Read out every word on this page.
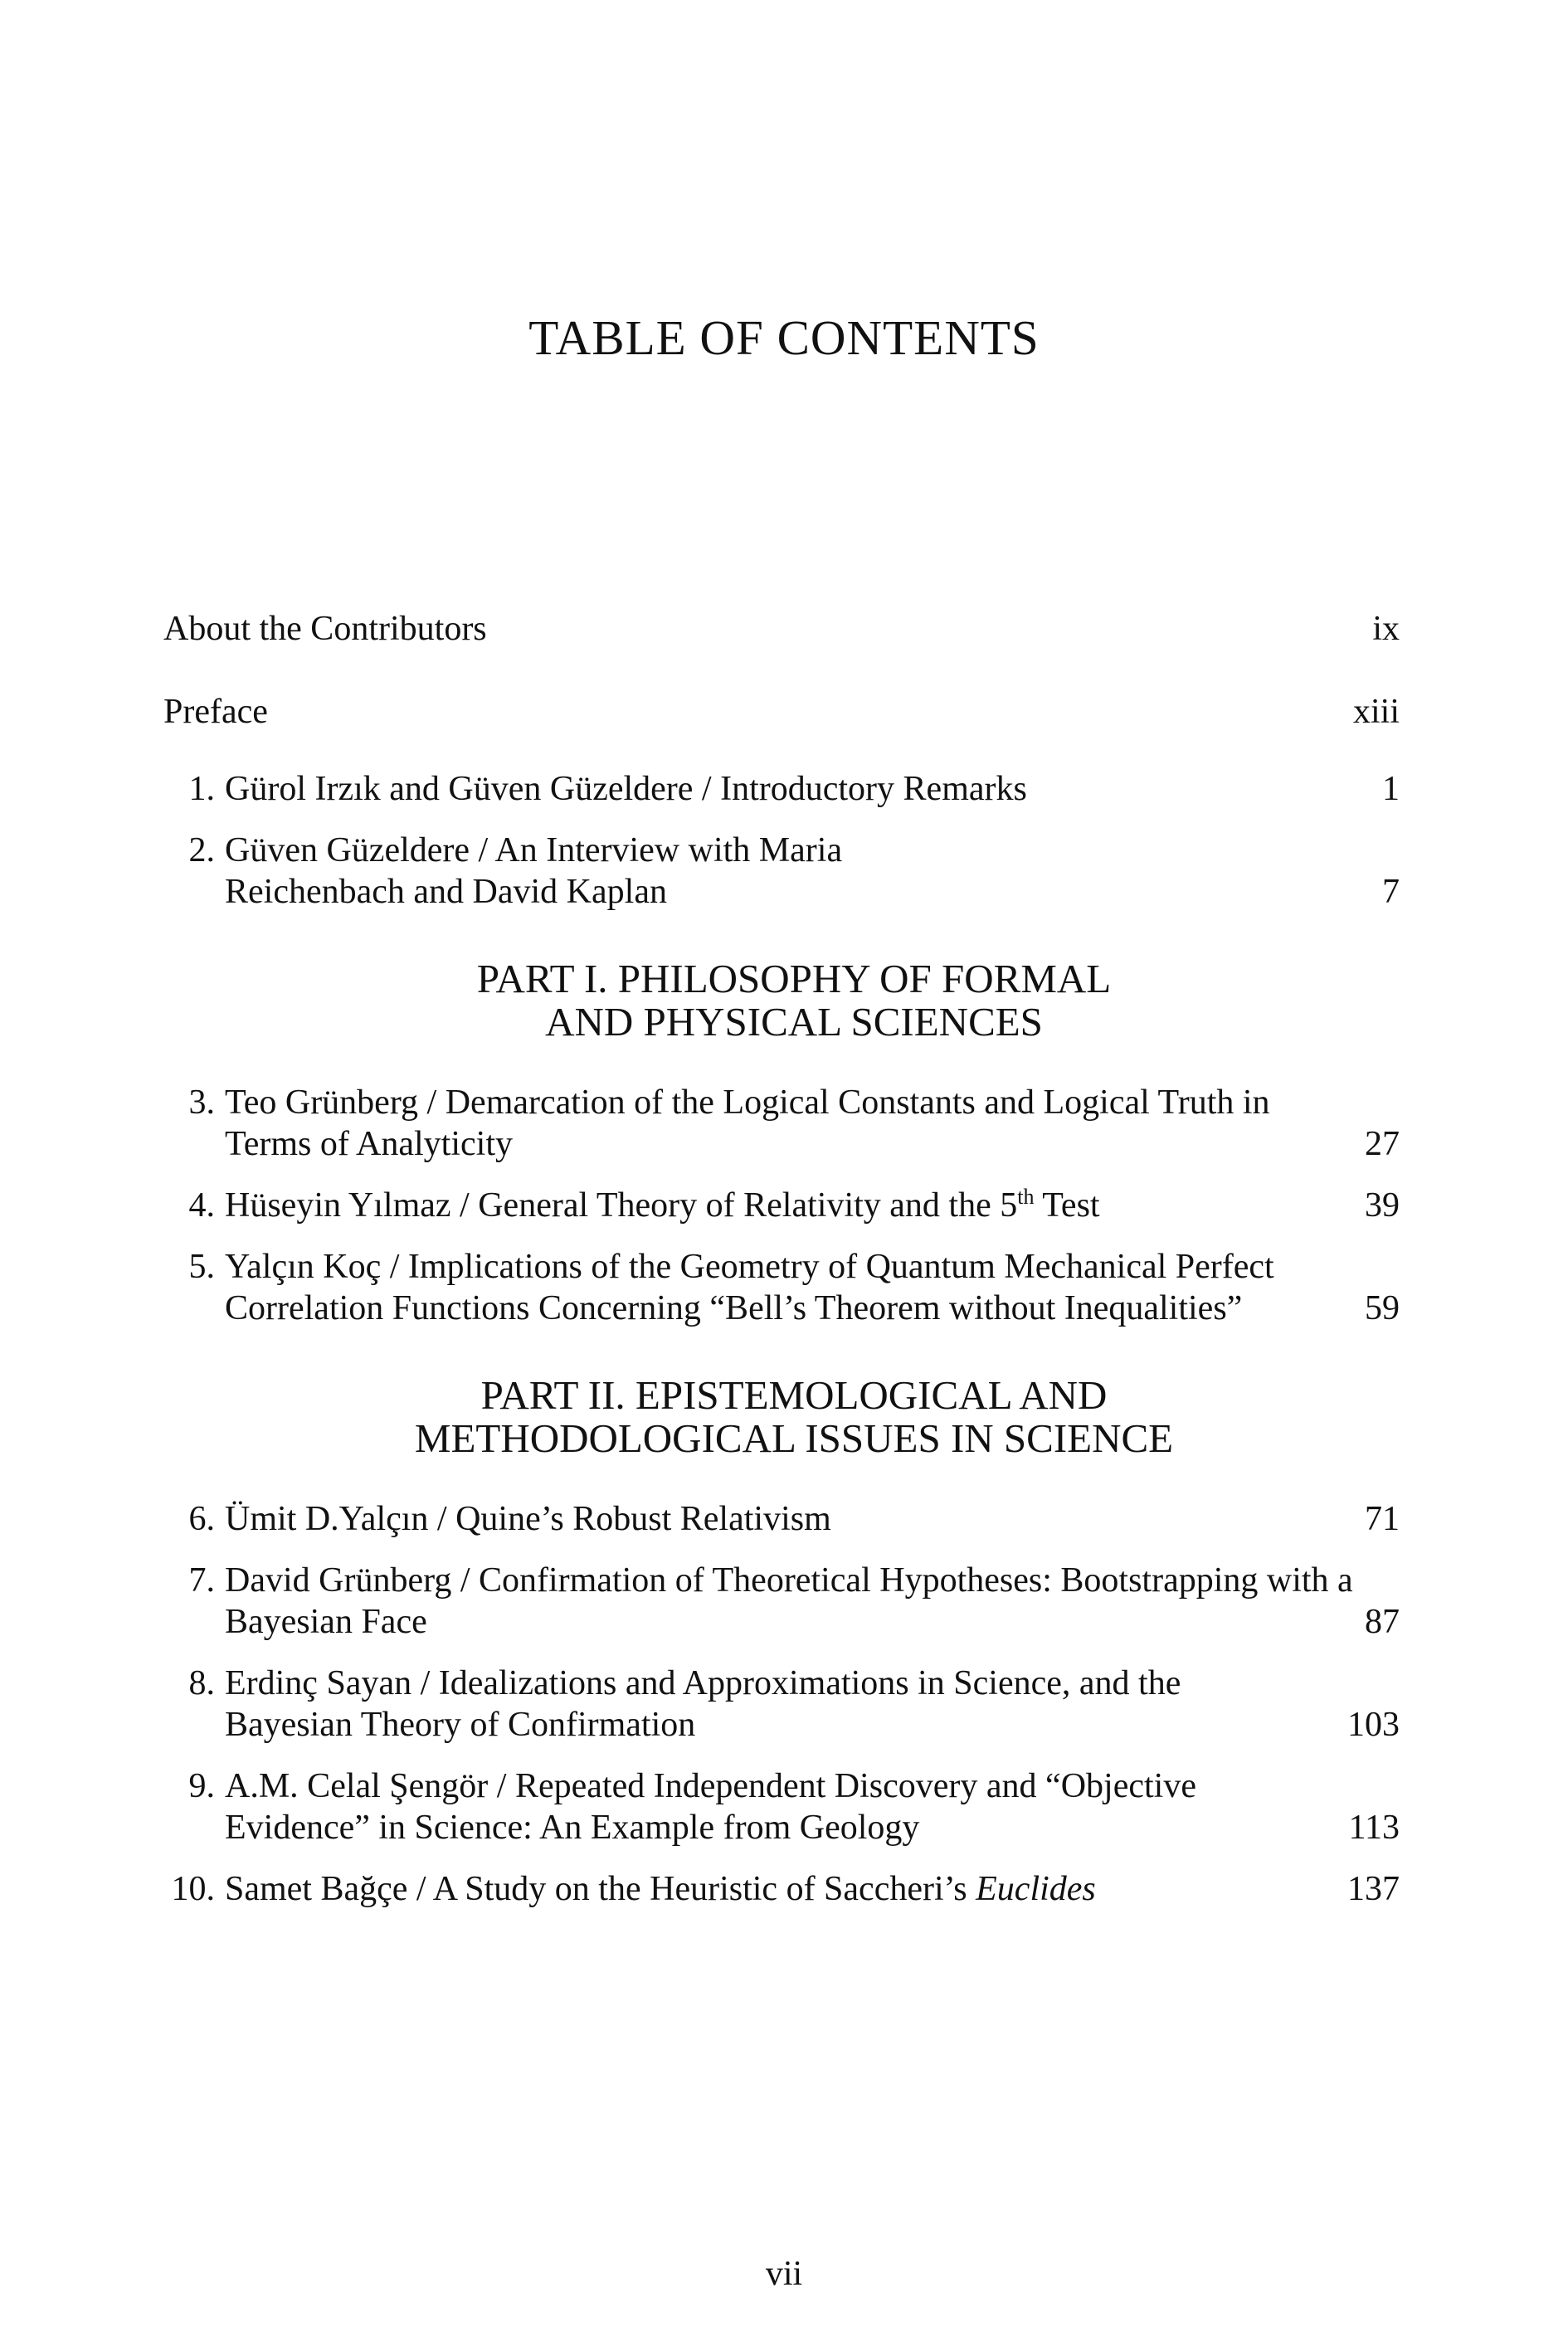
TABLE OF CONTENTS
About the Contributors	ix
Preface	xiii
1. Gürol Irzık and Güven Güzeldere / Introductory Remarks	1
2. Güven Güzeldere / An Interview with Maria Reichenbach and David Kaplan	7
PART I. PHILOSOPHY OF FORMAL
AND PHYSICAL SCIENCES
3. Teo Grünberg / Demarcation of the Logical Constants and Logical Truth in Terms of Analyticity	27
4. Hüseyin Yılmaz / General Theory of Relativity and the 5th Test	39
5. Yalçın Koç / Implications of the Geometry of Quantum Mechanical Perfect Correlation Functions Concerning “Bell’s Theorem without Inequalities”	59
PART II. EPISTEMOLOGICAL AND
METHODOLOGICAL ISSUES IN SCIENCE
6. Ümit D.Yalçın / Quine’s Robust Relativism	71
7. David Grünberg / Confirmation of Theoretical Hypotheses: Bootstrapping with a Bayesian Face	87
8. Erdinç Sayan / Idealizations and Approximations in Science, and the Bayesian Theory of Confirmation	103
9. A.M. Celal Şengör / Repeated Independent Discovery and “Objective Evidence” in Science: An Example from Geology	113
10. Samet Bağçe / A Study on the Heuristic of Saccheri’s Euclides	137
vii
